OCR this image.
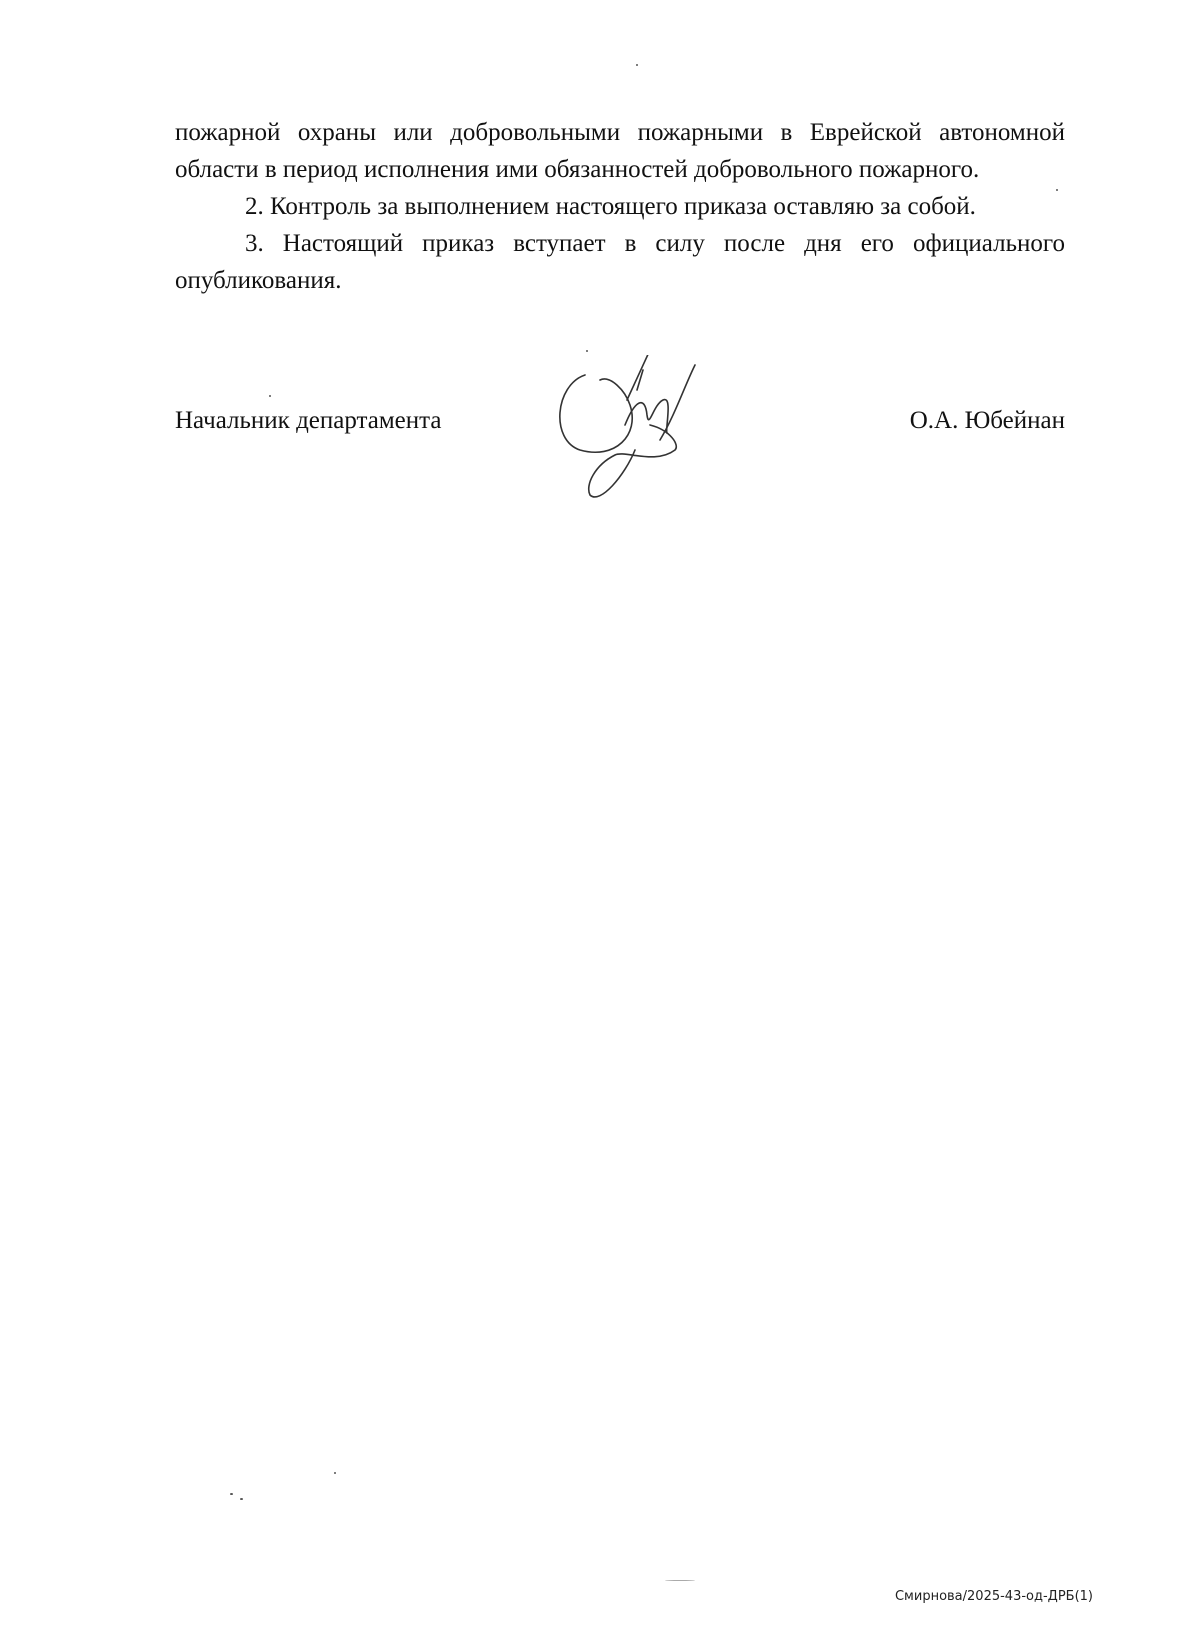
пожарной охраны или добровольными пожарными в Еврейской автономной области в период исполнения ими обязанностей добровольного пожарного.

2. Контроль за выполнением настоящего приказа оставляю за собой.

3. Настоящий приказ вступает в силу после дня его официального опубликования.

Начальник департамента	О.А. Юбейнан
Смирнова/2025-43-од-ДРБ(1)
